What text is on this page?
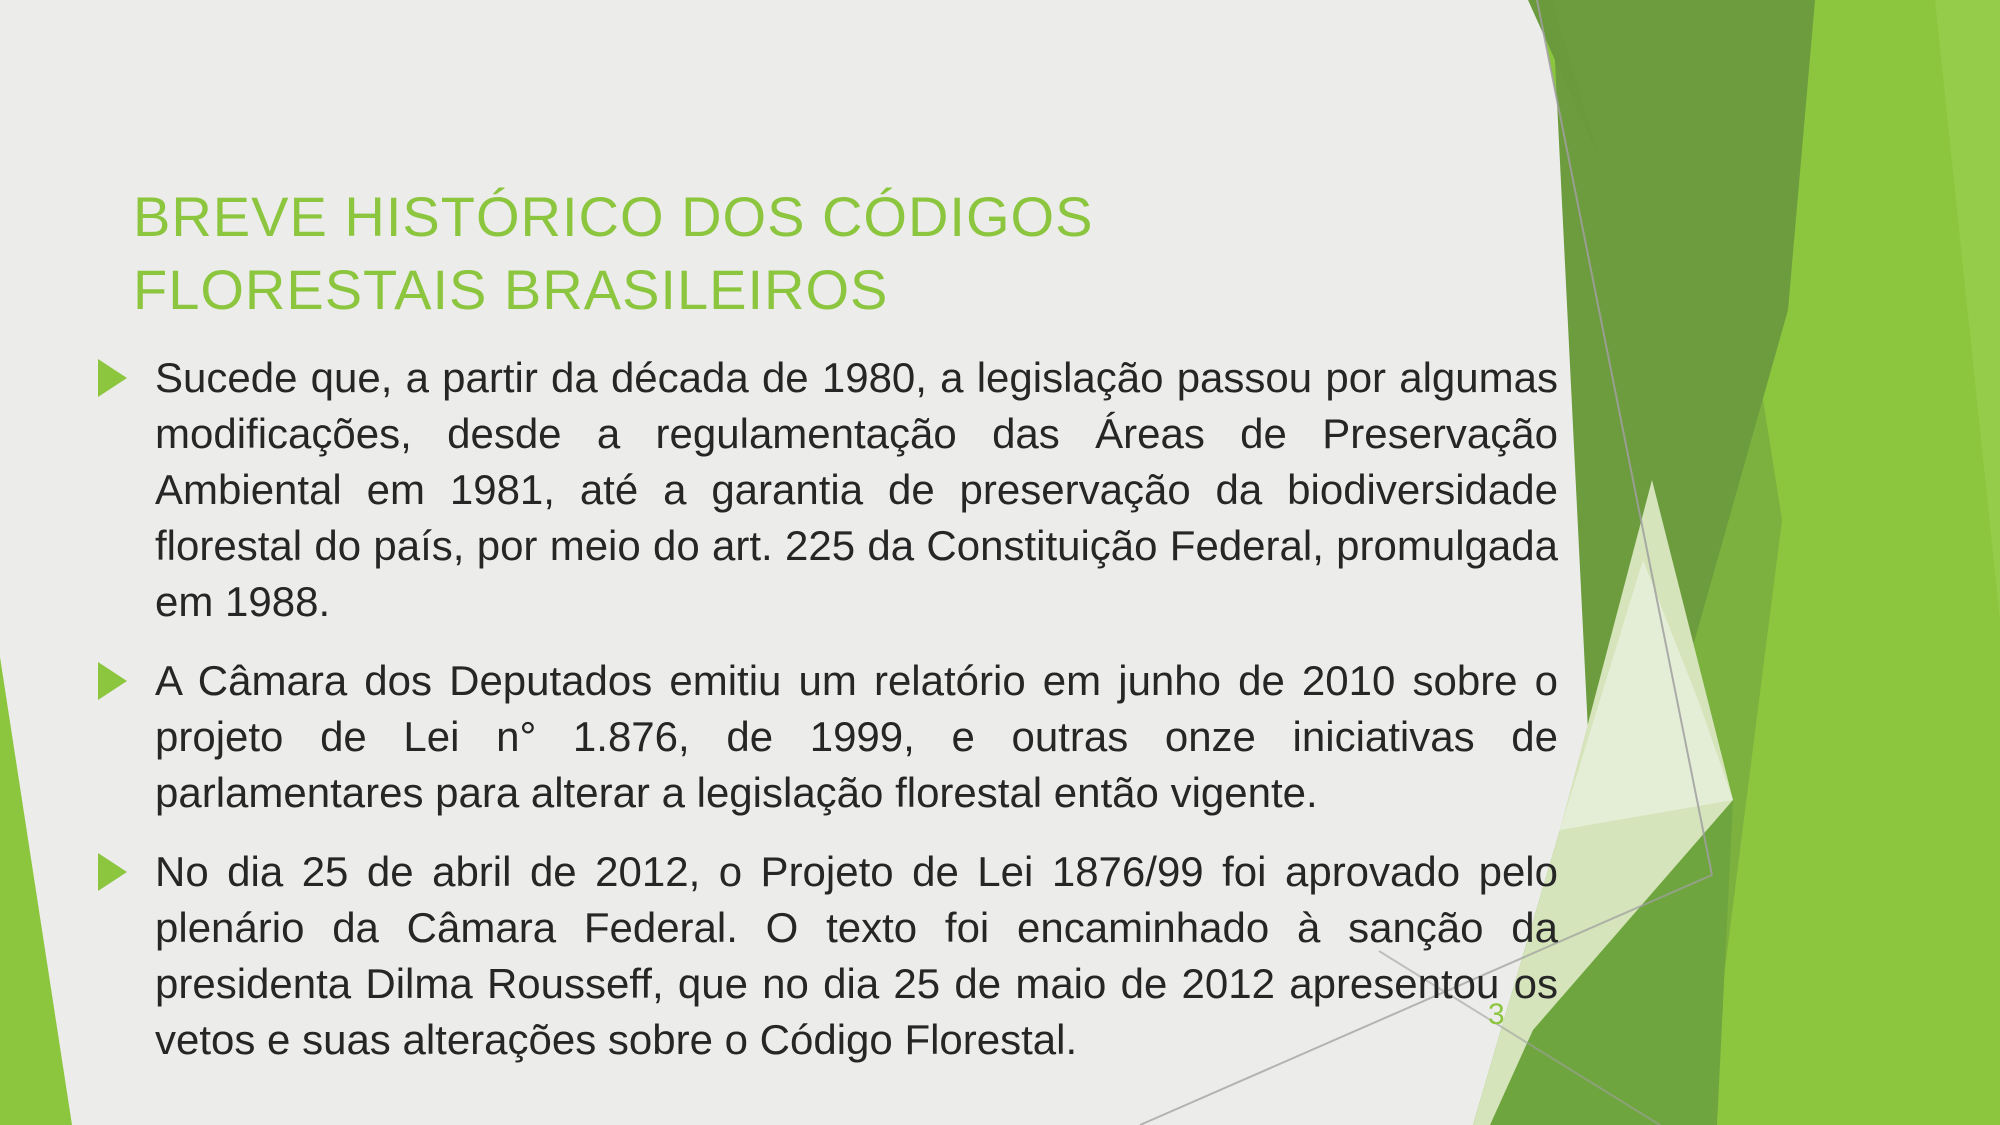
BREVE HISTÓRICO DOS CÓDIGOS FLORESTAIS BRASILEIROS

Sucede que, a partir da década de 1980, a legislação passou por algumas modificações, desde a regulamentação das Áreas de Preservação Ambiental em 1981, até a garantia de preservação da biodiversidade florestal do país, por meio do art. 225 da Constituição Federal, promulgada em 1988.

A Câmara dos Deputados emitiu um relatório em junho de 2010 sobre o projeto de Lei n° 1.876, de 1999, e outras onze iniciativas de parlamentares para alterar a legislação florestal então vigente.

No dia 25 de abril de 2012, o Projeto de Lei 1876/99 foi aprovado pelo plenário da Câmara Federal. O texto foi encaminhado à sanção da presidenta Dilma Rousseff, que no dia 25 de maio de 2012 apresentou os vetos e suas alterações sobre o Código Florestal.

3
